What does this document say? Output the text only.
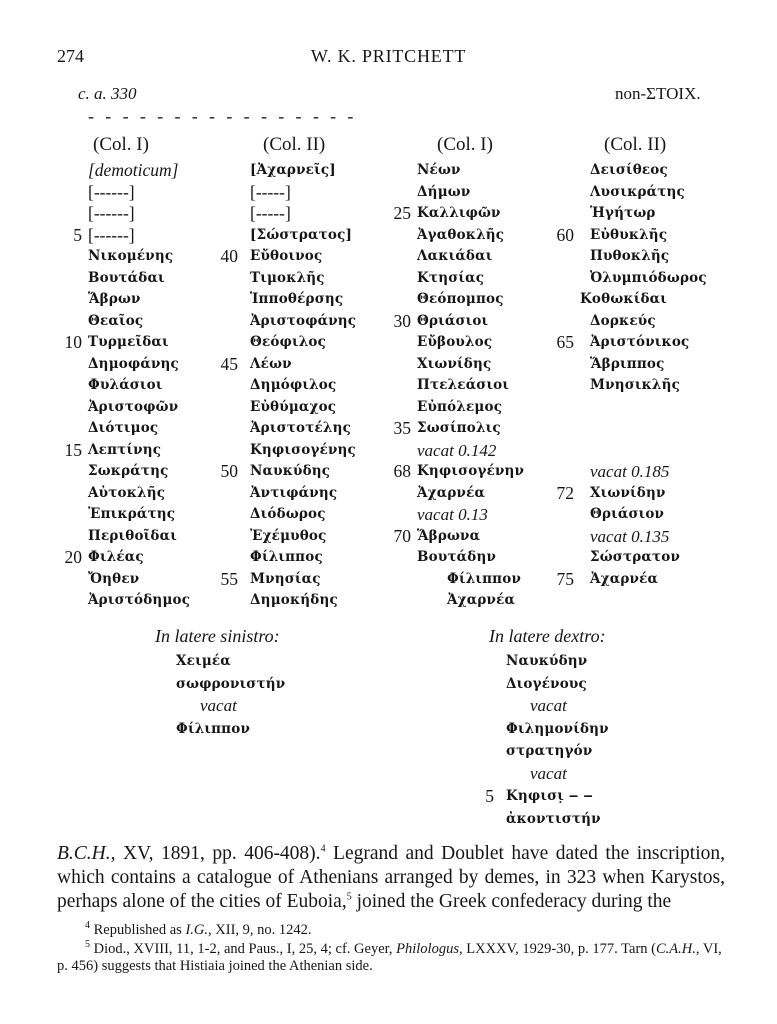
274	W. K. PRITCHETT
c. a. 330	non-ΣΤΟΙΧ.
- - - - - - - - - - - - - - - -
(Col. I)	(Col. II)	(Col. I)	(Col. II)
[demoticum]
[------]
[------]
5 [------]
Νικομένης
Βουτάδαι
Ἅβρων
Θεαῖος
10 Τυρμεῖδαι
Δημοφάνης
Φυλάσιοι
Ἀριστοφῶν
Διότιμος
15 Λεπτίνης
Σωκράτης
Αὐτοκλῆς
Ἐπικράτης
Περιθοῖδαι
20 Φιλέας
Ὄηθεν
Ἀριστόδημος
[Ἀχαρνεῖς]
[-----]
[-----]
[Σώστρατος]
40 Εὔθοινος
Τιμοκλῆς
Ἱπποθέρσης
Ἀριστοφάνης
Θεόφιλος
45 Λέων
Δημόφιλος
Εὐθύμαχος
Ἀριστοτέλης
Κηφισογένης
50 Ναυκύδης
Ἀντιφάνης
Διόδωρος
Ἐχέμυθος
Φίλιππος
55 Μνησίας
Δημοκήδης
Νέων
Δήμων
25 Καλλιφῶν
Ἀγαθοκλῆς
Λακιάδαι
Κτησίας
Θεόπομπος
30 Θριάσιοι
Εὔβουλος
Χιωνίδης
Πτελεάσιοι
Εὐπόλεμος
35 Σωσίπολις
vacat 0.142
68 Κηφισογένην
Ἀχαρνέα
vacat 0.13
70 Ἅβρωνα
Βουτάδην
Φίλιππον
Ἀχαρνέα
Δεισίθεος
Λυσικράτης
Ἡγήτωρ
60 Εὐθυκλῆς
Πυθοκλῆς
Ὀλυμπιόδωρος
Κοθωκίδαι
Δορκεύς
65 Ἀριστόνικος
Ἅβριππος
Μνησικλῆς
vacat 0.185
72 Χιωνίδην
Θριάσιον
vacat 0.135
Σώστρατον
75 Ἀχαρνέα
In latere sinistro:
Χειμέα
σωφρονιστήν
vacat
Φίλιππον
In latere dextro:
Ναυκύδην
Διογένους
vacat
Φιλημονίδην
στρατηγόν
vacat
5 Κηφισι̣ ‒ ‒
ἀκοντιστήν
B.C.H., XV, 1891, pp. 406-408).$^4$ Legrand and Doublet have dated the inscription, which contains a catalogue of Athenians arranged by demes, in 323 when Karystos, perhaps alone of the cities of Euboia,$^5$ joined the Greek confederacy during the
$^4$ Republished as I.G., XII, 9, no. 1242.
$^5$ Diod., XVIII, 11, 1-2, and Paus., I, 25, 4; cf. Geyer, Philologus, LXXXV, 1929-30, p. 177. Tarn (C.A.H., VI, p. 456) suggests that Histiaia joined the Athenian side.
